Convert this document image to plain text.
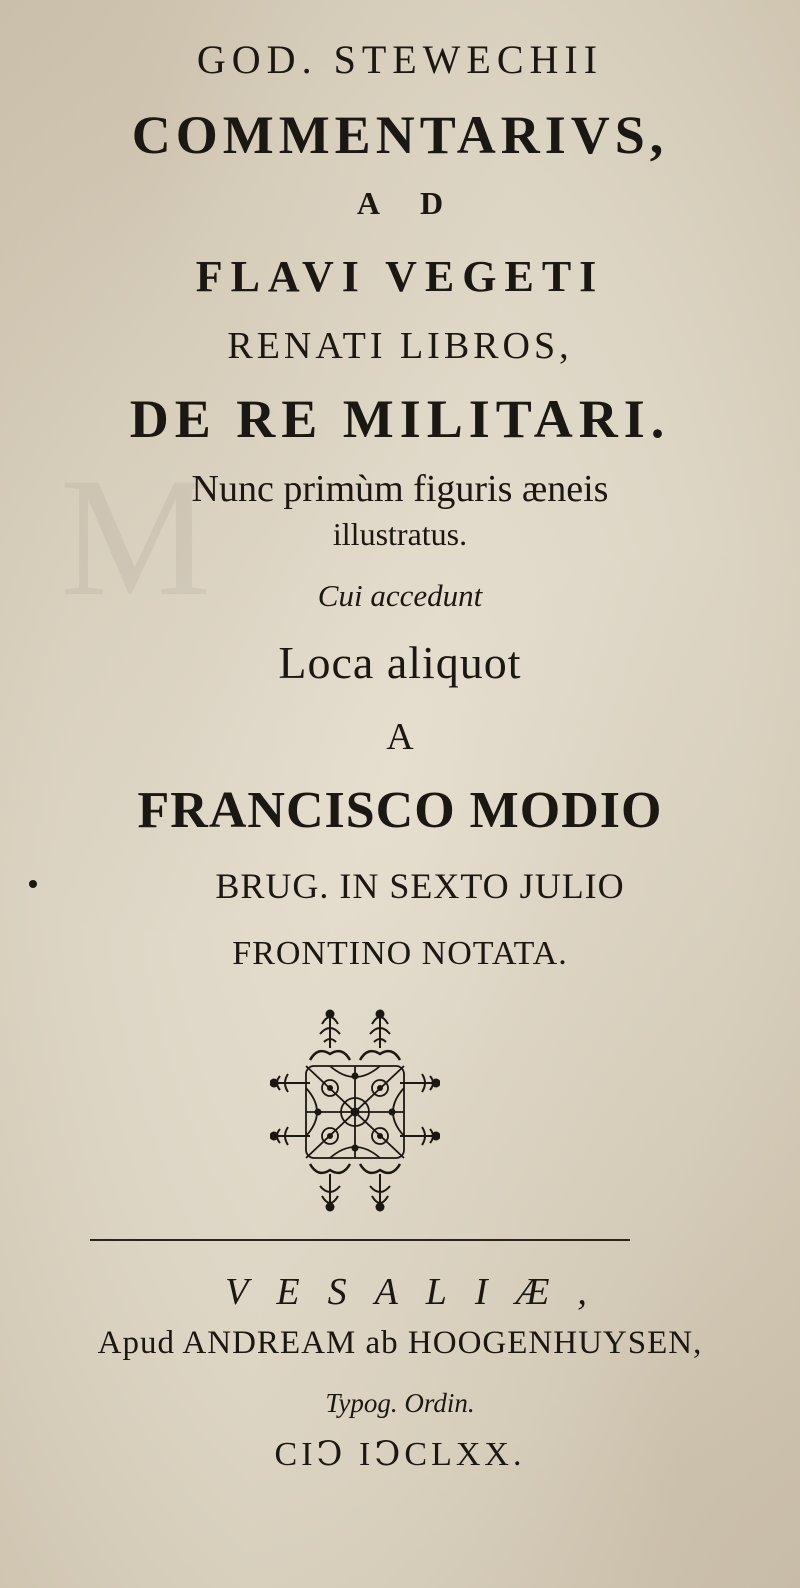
M
GOD. STEWECHII
COMMENTARIVS,
AD
FLAVI VEGETI
RENATI LIBROS,
DE RE MILITARI.
Nunc primùm figuris æneis
illustratus.
Cui accedunt
Loca aliquot
A
FRANCISCO MODIO
BRUG. IN SEXTO JULIO
FRONTINO NOTATA.
VESALIÆ,
Apud ANDREAM ab HOOGENHUYSEN,
Typog. Ordin.
CIↃ IↃCLXX.
